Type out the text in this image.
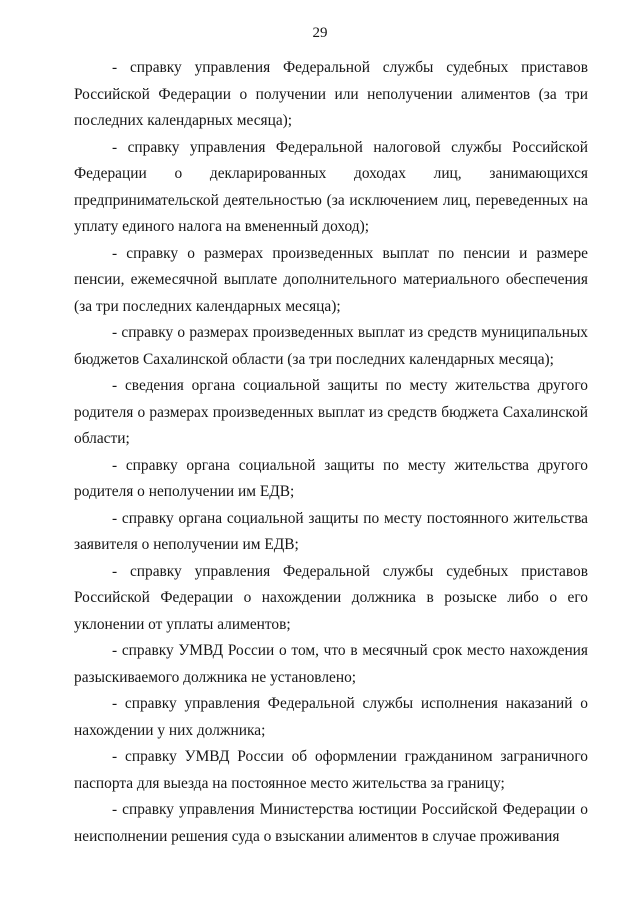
29

- справку управления Федеральной службы судебных приставов Российской Федерации о получении или неполучении алиментов (за три последних календарных месяца);

- справку управления Федеральной налоговой службы Российской Федерации о декларированных доходах лиц, занимающихся предпринимательской деятельностью (за исключением лиц, переведенных на уплату единого налога на вмененный доход);

- справку о размерах произведенных выплат по пенсии и размере пенсии, ежемесячной выплате дополнительного материального обеспечения (за три последних календарных месяца);

- справку о размерах произведенных выплат из средств муниципальных бюджетов Сахалинской области (за три последних календарных месяца);

- сведения органа социальной защиты по месту жительства другого родителя о размерах произведенных выплат из средств бюджета Сахалинской области;

- справку органа социальной защиты по месту жительства другого родителя о неполучении им ЕДВ;

- справку органа социальной защиты по месту постоянного жительства заявителя о неполучении им ЕДВ;

- справку управления Федеральной службы судебных приставов Российской Федерации о нахождении должника в розыске либо о его уклонении от уплаты алиментов;

- справку УМВД России о том, что в месячный срок место нахождения разыскиваемого должника не установлено;

- справку управления Федеральной службы исполнения наказаний о нахождении у них должника;

- справку УМВД России об оформлении гражданином заграничного паспорта для выезда на постоянное место жительства за границу;

- справку управления Министерства юстиции Российской Федерации о неисполнении решения суда о взыскании алиментов в случае проживания
